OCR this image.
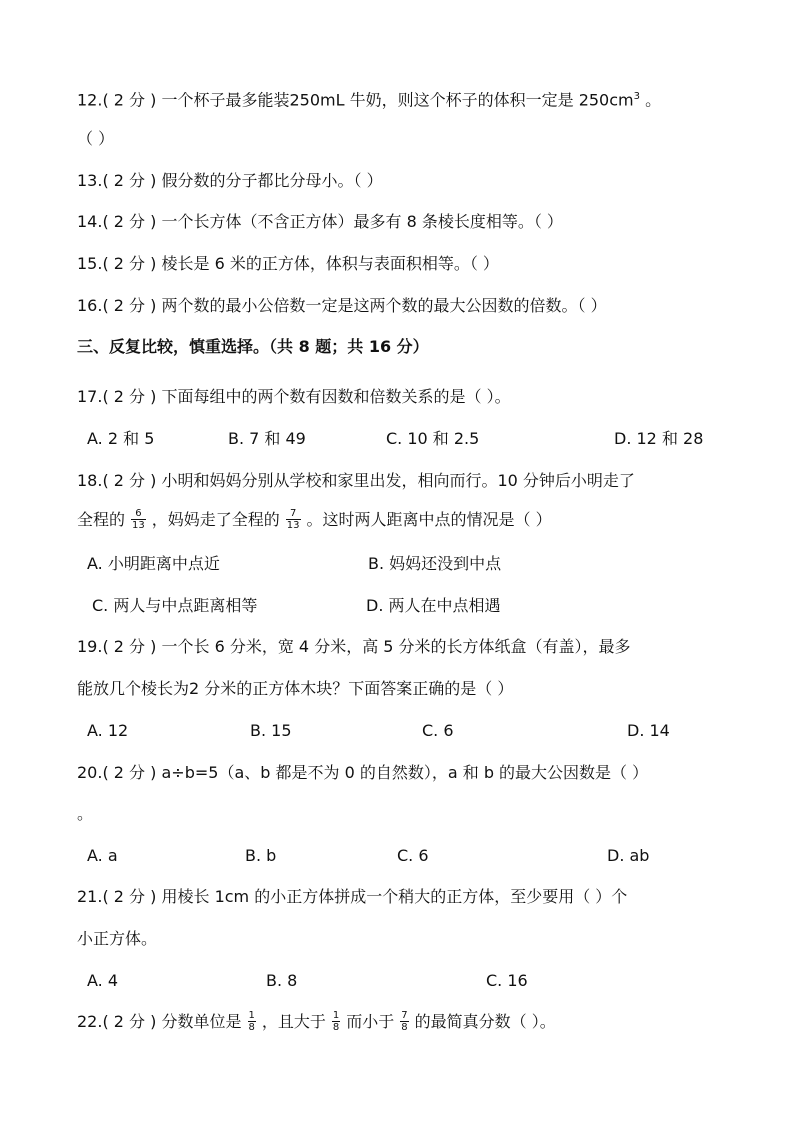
12.( 2 分 ) 一个杯子最多能装250mL 牛奶，则这个杯子的体积一定是 $250cm^3$ 。
（ ）
13.( 2 分 ) 假分数的分子都比分母小。（ ）
14.( 2 分 ) 一个长方体（不含正方体）最多有 8 条棱长度相等。（ ）
15.( 2 分 ) 棱长是 6 米的正方体，体积与表面积相等。（ ）
16.( 2 分 ) 两个数的最小公倍数一定是这两个数的最大公因数的倍数。（ ）
三、反复比较，慎重选择。（共 8 题；共 16 分）
17.( 2 分 ) 下面每组中的两个数有因数和倍数关系的是（ ）。
A. 2 和 5	B. 7 和 49	C. 10 和 2.5	D. 12 和 28
18.( 2 分 ) 小明和妈妈分别从学校和家里出发，相向而行。10 分钟后小明走了
全程的 $\frac{6}{13}$ ，妈妈走了全程的 $\frac{7}{13}$ 。这时两人距离中点的情况是（ ）
A. 小明距离中点近	B. 妈妈还没到中点
C. 两人与中点距离相等	D. 两人在中点相遇
19.( 2 分 ) 一个长 6 分米，宽 4 分米，高 5 分米的长方体纸盒（有盖），最多
能放几个棱长为2 分米的正方体木块？下面答案正确的是（ ）
A. 12	B. 15	C. 6	D. 14
20.( 2 分 ) a÷b=5（a、b 都是不为 0 的自然数），a 和 b 的最大公因数是（ ）
。
A. a	B. b	C. 6	D. ab
21.( 2 分 ) 用棱长 1cm 的小正方体拼成一个稍大的正方体，至少要用（ ）个
小正方体。
A. 4	B. 8	C. 16
22.( 2 分 ) 分数单位是 $\frac{1}{8}$ ，且大于 $\frac{1}{8}$ 而小于 $\frac{7}{8}$ 的最简真分数（ ）。
